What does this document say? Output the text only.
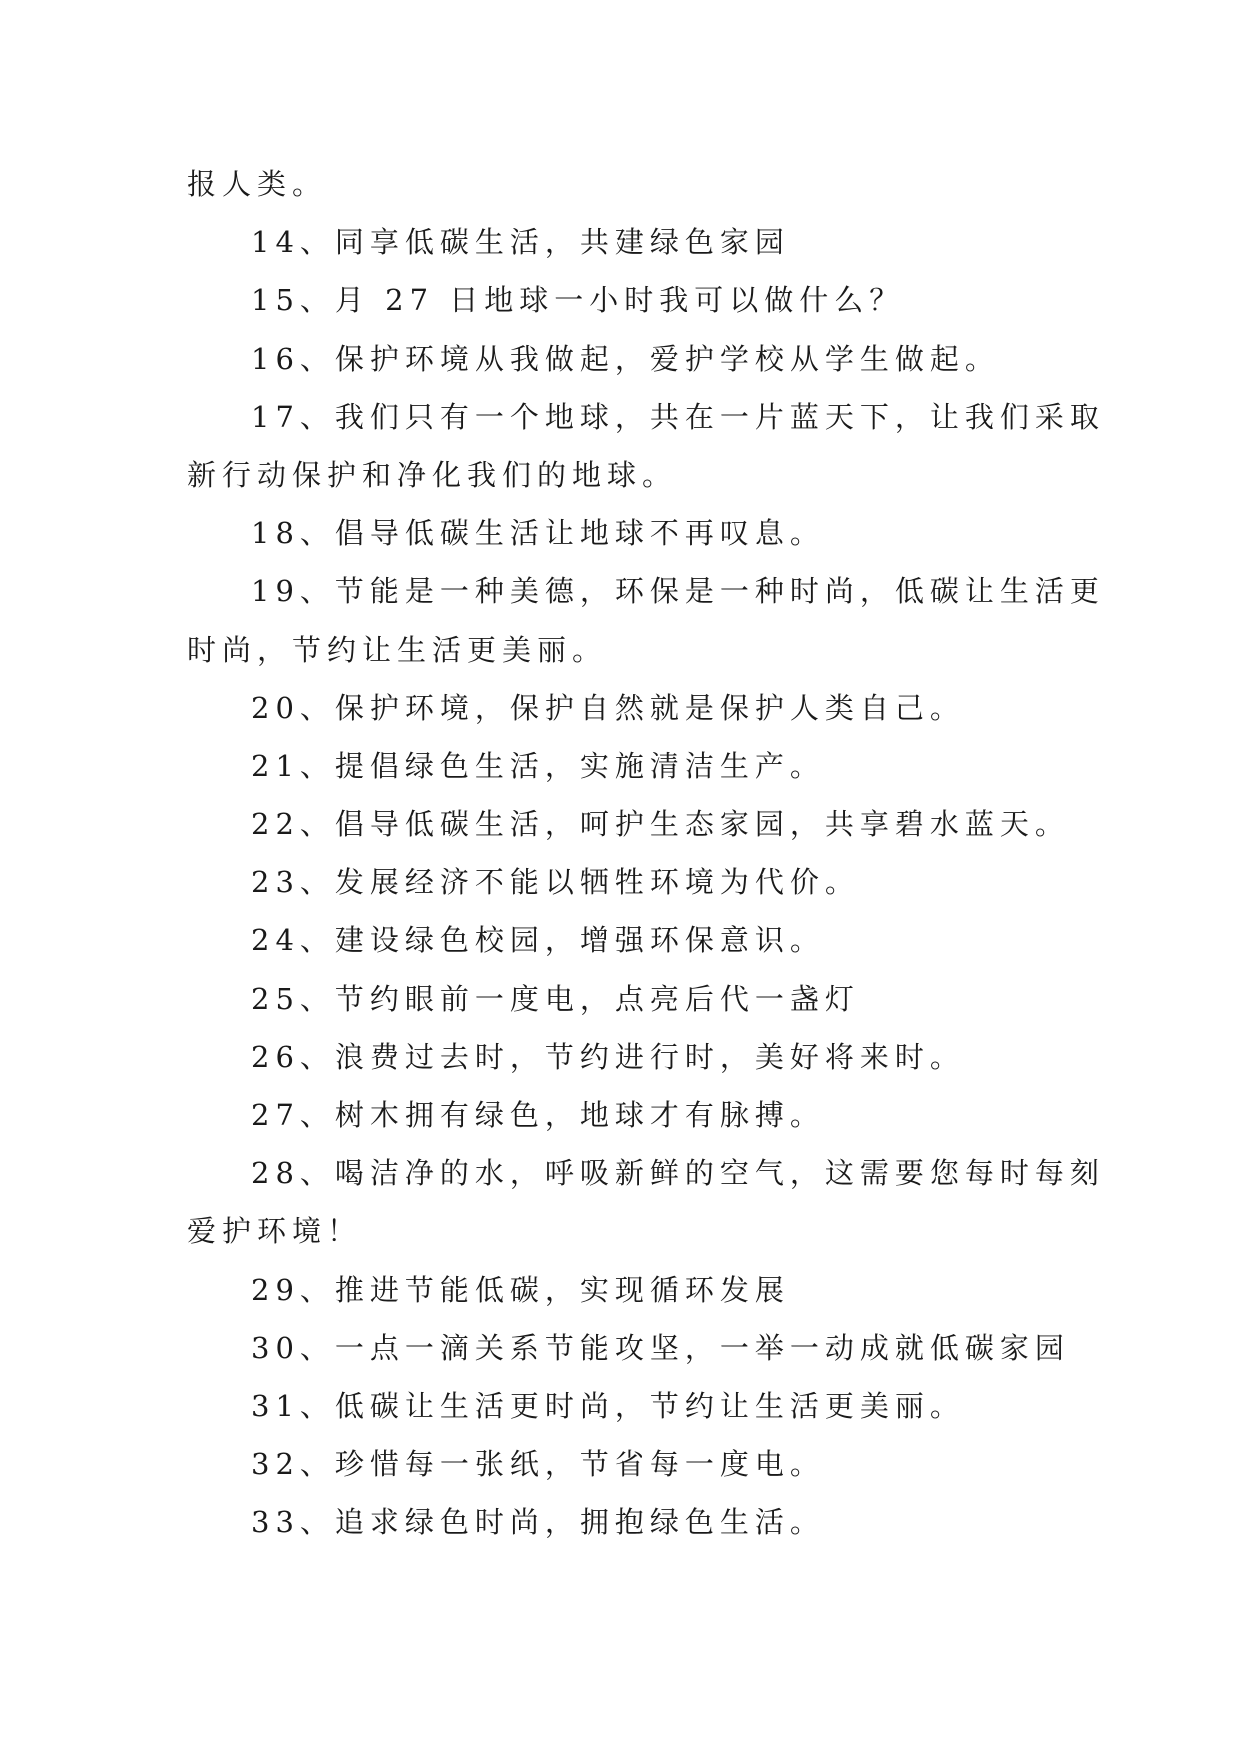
报人类。
14、同享低碳生活，共建绿色家园
15、月 27 日地球一小时我可以做什么？
16、保护环境从我做起，爱护学校从学生做起。
17、我们只有一个地球，共在一片蓝天下，让我们采取
新行动保护和净化我们的地球。
18、倡导低碳生活让地球不再叹息。
19、节能是一种美德，环保是一种时尚，低碳让生活更
时尚，节约让生活更美丽。
20、保护环境，保护自然就是保护人类自己。
21、提倡绿色生活，实施清洁生产。
22、倡导低碳生活，呵护生态家园，共享碧水蓝天。
23、发展经济不能以牺牲环境为代价。
24、建设绿色校园，增强环保意识。
25、节约眼前一度电，点亮后代一盏灯
26、浪费过去时，节约进行时，美好将来时。
27、树木拥有绿色，地球才有脉搏。
28、喝洁净的水，呼吸新鲜的空气，这需要您每时每刻
爱护环境！
29、推进节能低碳，实现循环发展
30、一点一滴关系节能攻坚，一举一动成就低碳家园
31、低碳让生活更时尚，节约让生活更美丽。
32、珍惜每一张纸，节省每一度电。
33、追求绿色时尚，拥抱绿色生活。
